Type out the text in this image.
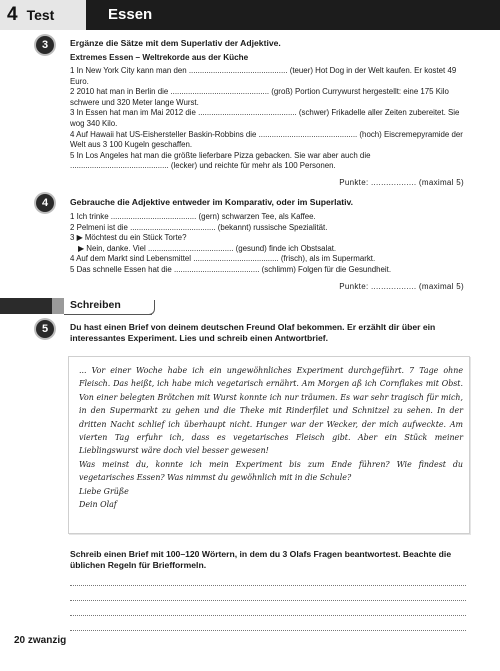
4 Test	Essen
3	Ergänze die Sätze mit dem Superlativ der Adjektive.
Extremes Essen – Weltrekorde aus der Küche

1 In New York City kann man den ............................................. (teuer) Hot Dog in der Welt kaufen. Er kostet 49 Euro.

2 2010 hat man in Berlin die ............................................. (groß) Portion Currywurst hergestellt: eine 175 Kilo schwere und 320 Meter lange Wurst.

3 In Essen hat man im Mai 2012 die ............................................. (schwer) Frikadelle aller Zeiten zubereitet. Sie wog 340 Kilo.

4 Auf Hawaii hat US-Eishersteller Baskin-Robbins die ............................................. (hoch) Eiscremepyramide der Welt aus 3 100 Kugeln geschaffen.

5 In Los Angeles hat man die größte lieferbare Pizza gebacken. Sie war aber auch die ............................................. (lecker) und reichte für mehr als 100 Personen.

Punkte: .................. (maximal 5)
4	Gebrauche die Adjektive entweder im Komparativ, oder im Superlativ.

1 Ich trinke ....................................... (gern) schwarzen Tee, als Kaffee.

2 Pelmeni ist die ....................................... (bekannt) russische Spezialität.

3 ▶ Möchtest du ein Stück Torte?

▶ Nein, danke. Viel ....................................... (gesund) finde ich Obstsalat.

4 Auf dem Markt sind Lebensmittel ....................................... (frisch), als im Supermarkt.

5 Das schnelle Essen hat die ....................................... (schlimm) Folgen für die Gesundheit.

Punkte: .................. (maximal 5)
Schreiben
5	Du hast einen Brief von deinem deutschen Freund Olaf bekommen. Er erzählt dir über ein interessantes Experiment. Lies und schreib einen Antwortbrief.

... Vor einer Woche habe ich ein ungewöhnliches Experiment durchgeführt. 7 Tage ohne Fleisch. Das heißt, ich habe mich vegetarisch ernährt. Am Morgen aß ich Cornflakes mit Obst. Von einer belegten Brötchen mit Wurst konnte ich nur träumen. Es war sehr tragisch für mich, in den Supermarkt zu gehen und die Theke mit Rinderfilet und Schnitzel zu sehen. In der dritten Nacht schlief ich überhaupt nicht. Hunger war der Wecker, der mich aufweckte. Am vierten Tag erfuhr ich, dass es vegetarisches Fleisch gibt. Aber ein Stück meiner Lieblingswurst wäre doch viel besser gewesen!

Was meinst du, konnte ich mein Experiment bis zum Ende führen? Wie findest du vegetarisches Essen? Was nimmst du gewöhnlich mit in die Schule?

Liebe Grüße

Dein Olaf

Schreib einen Brief mit 100–120 Wörtern, in dem du 3 Olafs Fragen beantwortest. Beachte die üblichen Regeln für Briefformeln.
20 zwanzig
